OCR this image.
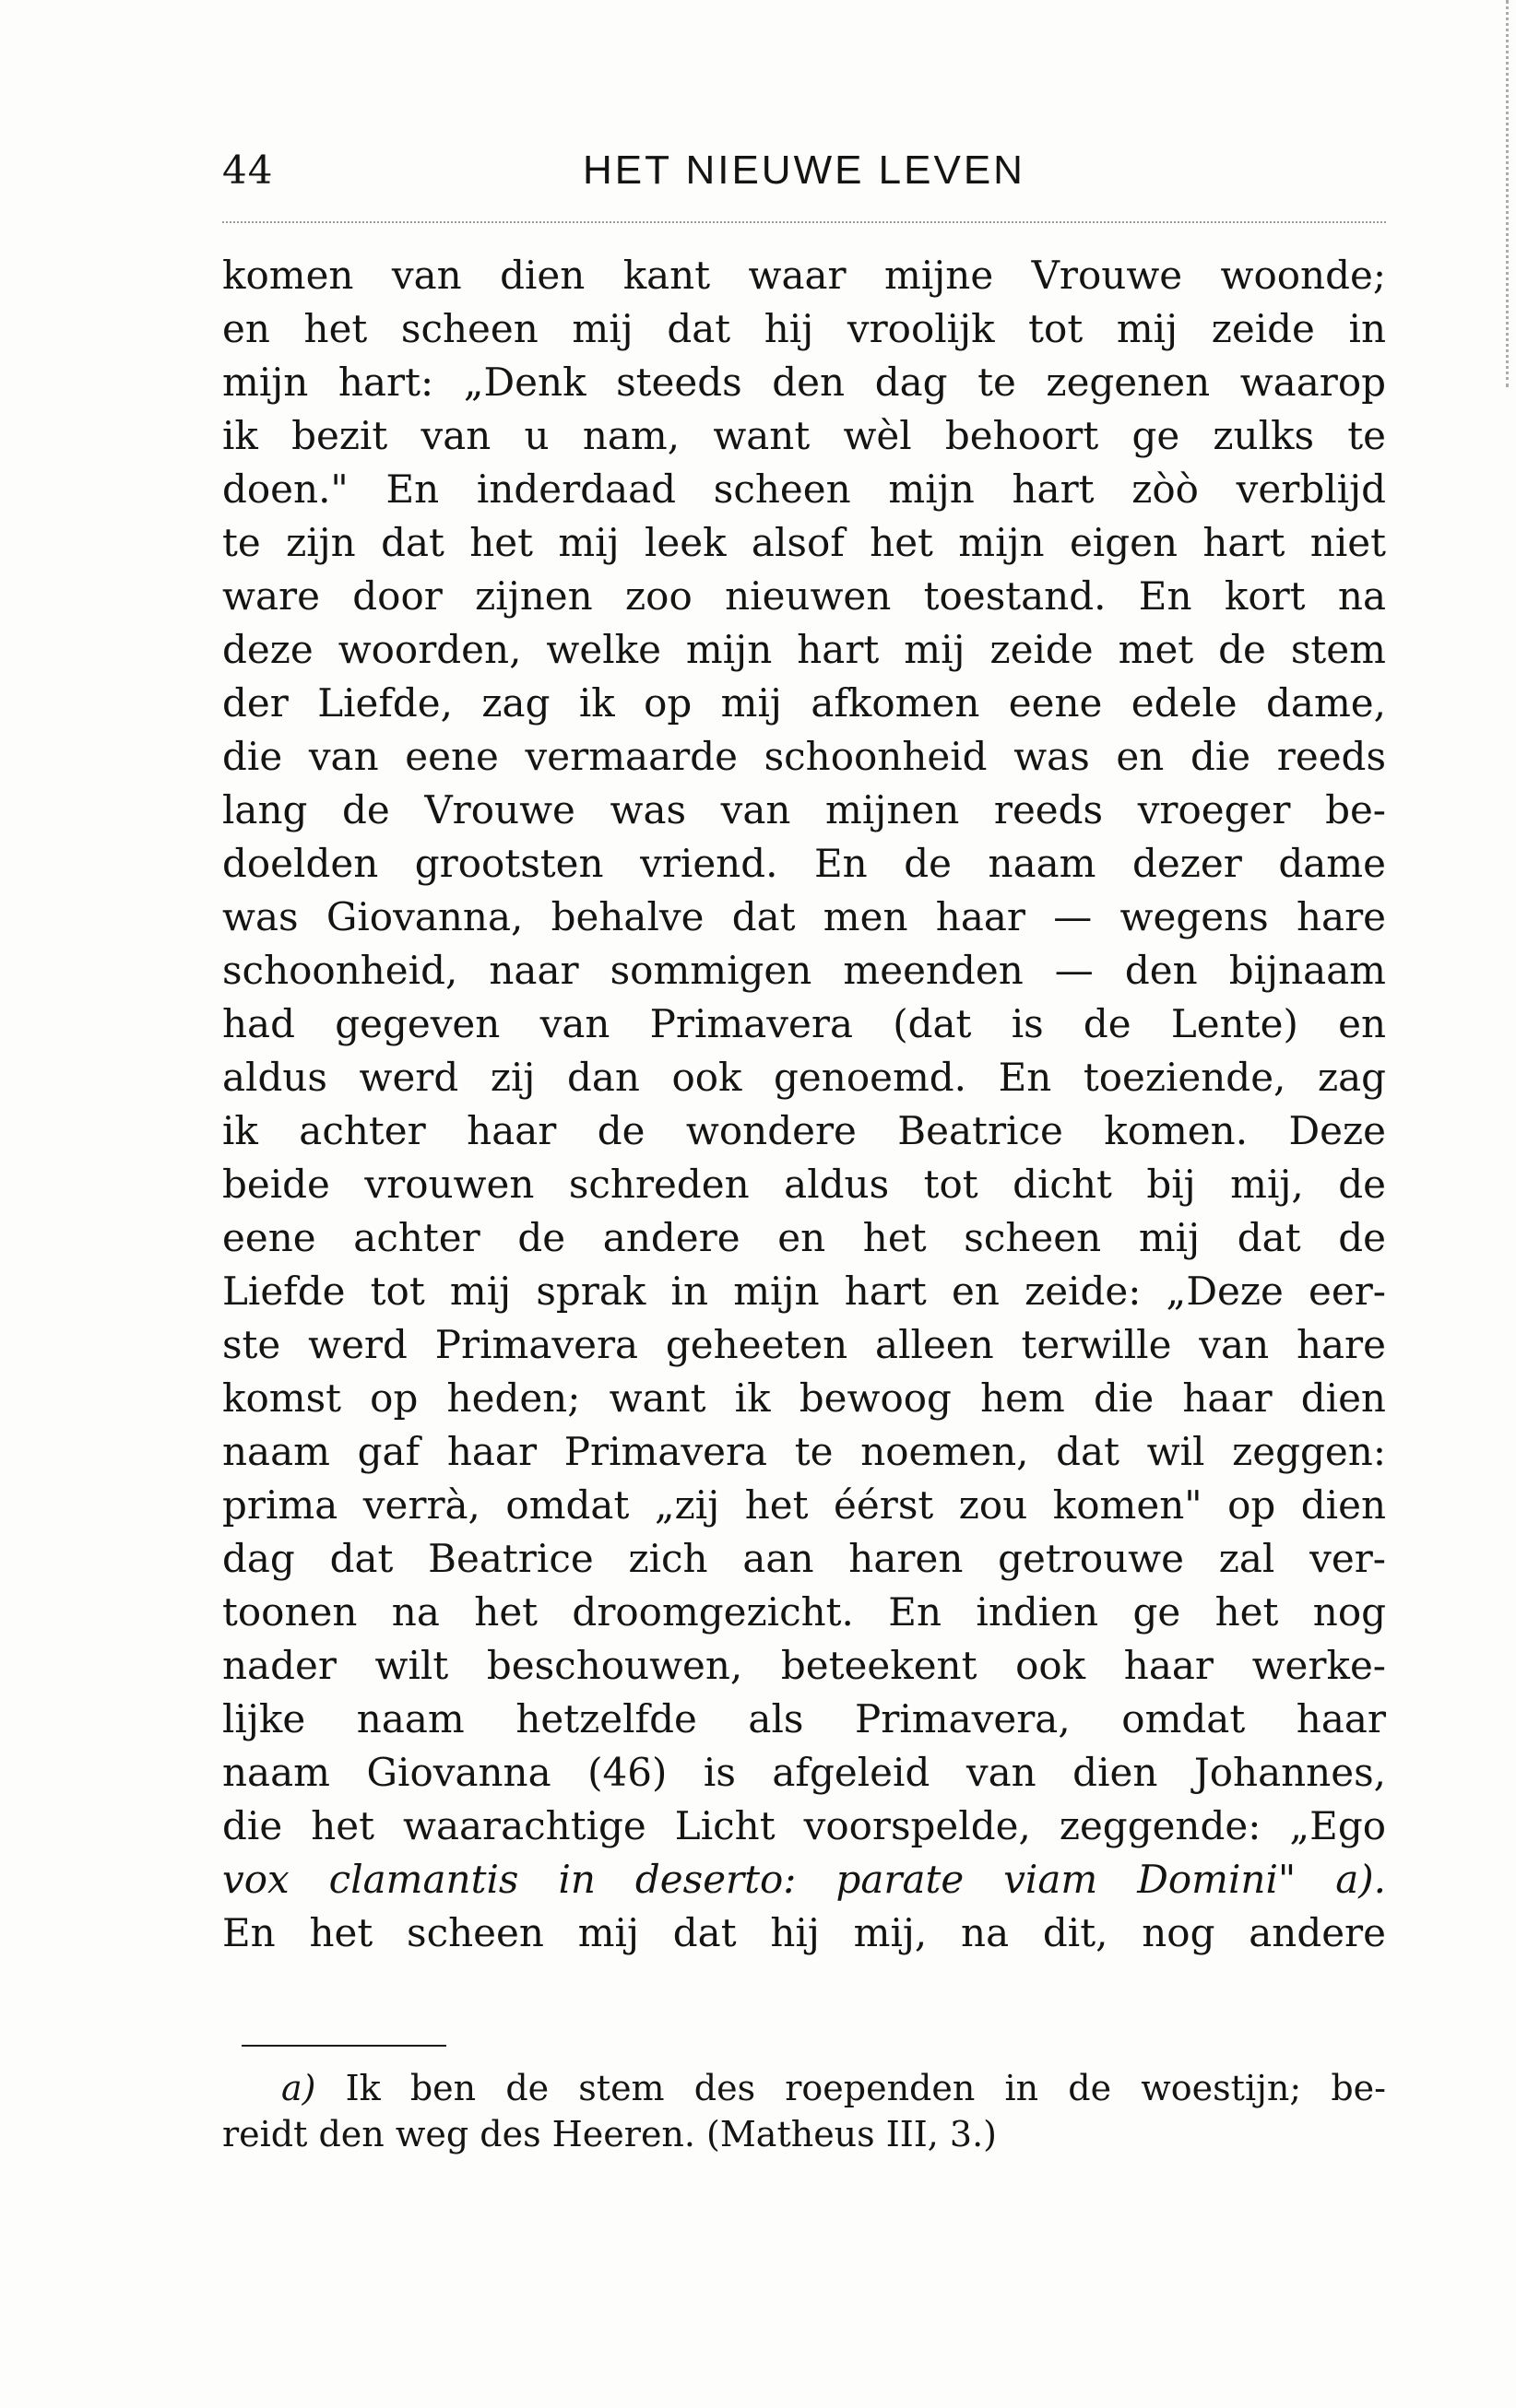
44	HET NIEUWE LEVEN
komen van dien kant waar mijne Vrouwe woonde;
en het scheen mij dat hij vroolijk tot mij zeide in
mijn hart: „Denk steeds den dag te zegenen waarop
ik bezit van u nam, want wèl behoort ge zulks te
doen." En inderdaad scheen mijn hart zòò verblijd
te zijn dat het mij leek alsof het mijn eigen hart niet
ware door zijnen zoo nieuwen toestand. En kort na
deze woorden, welke mijn hart mij zeide met de stem
der Liefde, zag ik op mij afkomen eene edele dame,
die van eene vermaarde schoonheid was en die reeds
lang de Vrouwe was van mijnen reeds vroeger be-
doelden grootsten vriend. En de naam dezer dame
was Giovanna, behalve dat men haar — wegens hare
schoonheid, naar sommigen meenden — den bijnaam
had gegeven van Primavera (dat is de Lente) en
aldus werd zij dan ook genoemd. En toeziende, zag
ik achter haar de wondere Beatrice komen. Deze
beide vrouwen schreden aldus tot dicht bij mij, de
eene achter de andere en het scheen mij dat de
Liefde tot mij sprak in mijn hart en zeide: „Deze eer-
ste werd Primavera geheeten alleen terwille van hare
komst op heden; want ik bewoog hem die haar dien
naam gaf haar Primavera te noemen, dat wil zeggen:
prima verrà, omdat „zij het éérst zou komen" op dien
dag dat Beatrice zich aan haren getrouwe zal ver-
toonen na het droomgezicht. En indien ge het nog
nader wilt beschouwen, beteekent ook haar werke-
lijke naam hetzelfde als Primavera, omdat haar
naam Giovanna (46) is afgeleid van dien Johannes,
die het waarachtige Licht voorspelde, zeggende: „Ego
vox clamantis in deserto: parate viam Domini" a).
En het scheen mij dat hij mij, na dit, nog andere
a) Ik ben de stem des roependen in de woestijn; be-
reidt den weg des Heeren. (Matheus III, 3.)
